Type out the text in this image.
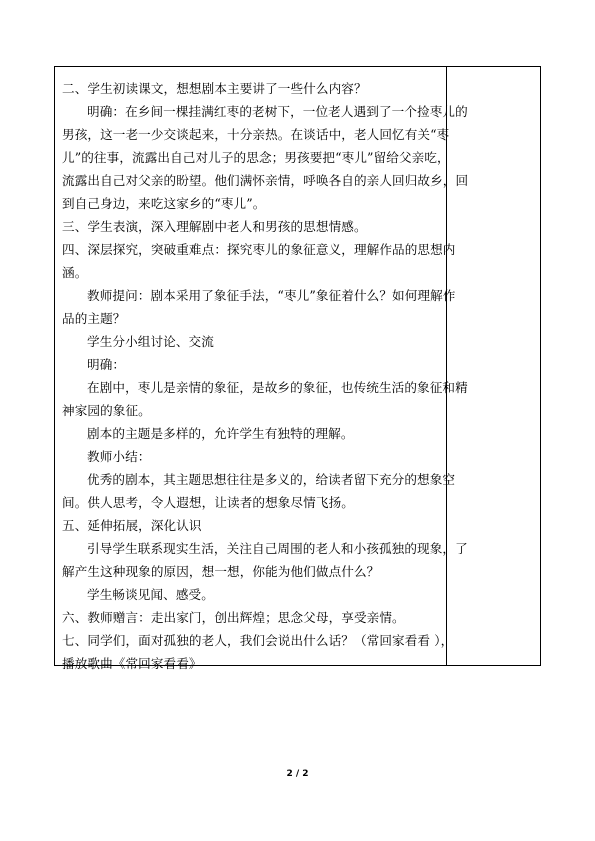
二、学生初读课文，想想剧本主要讲了一些什么内容？
明确：在乡间一棵挂满红枣的老树下，一位老人遇到了一个捡枣儿的
男孩，这一老一少交谈起来，十分亲热。在谈话中，老人回忆有关“枣
儿”的往事，流露出自己对儿子的思念；男孩要把“枣儿”留给父亲吃，
流露出自己对父亲的盼望。他们满怀亲情，呼唤各自的亲人回归故乡，回
到自己身边，来吃这家乡的“枣儿”。
三、学生表演，深入理解剧中老人和男孩的思想情感。
四、深层探究，突破重难点：探究枣儿的象征意义，理解作品的思想内
涵。
教师提问：剧本采用了象征手法，“枣儿”象征着什么？如何理解作
品的主题？
学生分小组讨论、交流
明确：
在剧中，枣儿是亲情的象征，是故乡的象征，也传统生活的象征和精
神家园的象征。
剧本的主题是多样的，允许学生有独特的理解。
教师小结：
优秀的剧本，其主题思想往往是多义的，给读者留下充分的想象空
间。供人思考，令人遐想，让读者的想象尽情飞扬。
五、延伸拓展，深化认识
引导学生联系现实生活，关注自己周围的老人和小孩孤独的现象，了
解产生这种现象的原因，想一想，你能为他们做点什么？
学生畅谈见闻、感受。
六、教师赠言：走出家门，创出辉煌；思念父母，享受亲情。
七、同学们，面对孤独的老人，我们会说出什么话？（常回家看看 ），
播放歌曲《常回家看看》
2 / 2
